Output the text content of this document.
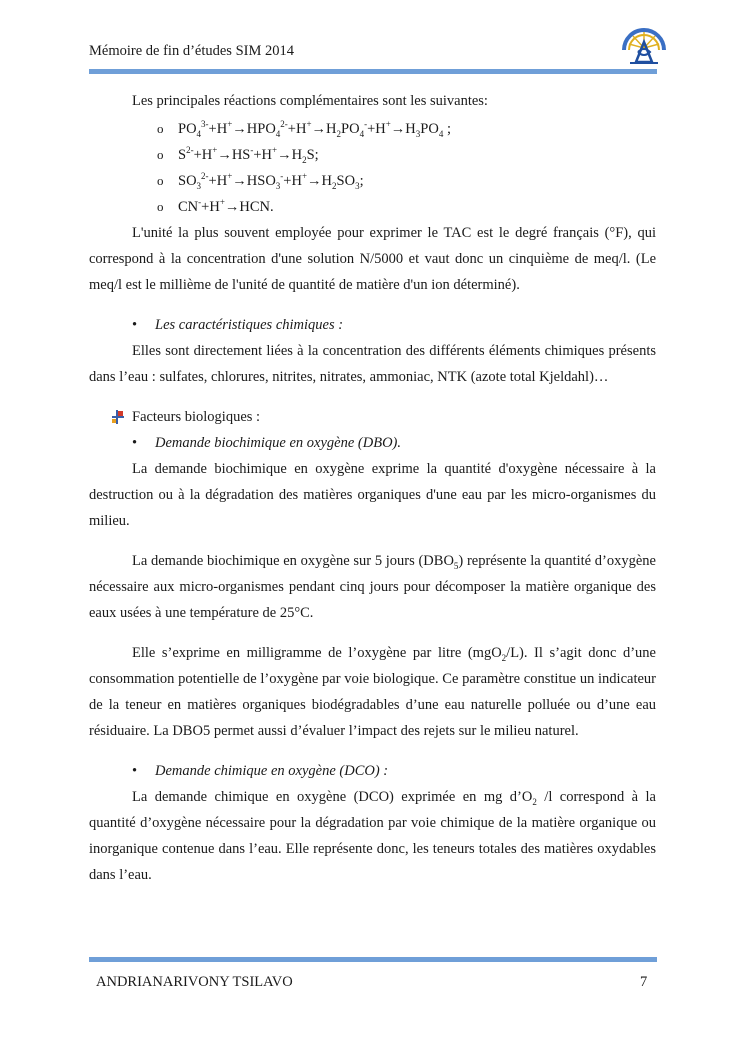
Mémoire de fin d’études SIM 2014

Les principales réactions complémentaires sont les suivantes:

o $PO_4^{3-}+H^+\to HPO_4^{2-}+H^+\to H_2PO_4^-+H^+\to H_3PO_4$ ;
o $S^{2-}+H^+\to HS^-+H^+\to H_2S$;
o $SO_3^{2-}+H^+\to HSO_3^-+H^+\to H_2SO_3$;
o CN-+H+→HCN.

L'unité la plus souvent employée pour exprimer le TAC est le degré français (°F), qui correspond à la concentration d'une solution N/5000 et vaut donc un cinquième de meq/l. (Le meq/l est le millième de l'unité de quantité de matière d'un ion déterminé).

• Les caractéristiques chimiques :

Elles sont directement liées à la concentration des différents éléments chimiques présents dans l’eau : sulfates, chlorures, nitrites, nitrates, ammoniac, NTK (azote total Kjeldahl)…

Facteurs biologiques :

• Demande biochimique en oxygène (DBO).

La demande biochimique en oxygène exprime la quantité d'oxygène nécessaire à la destruction ou à la dégradation des matières organiques d'une eau par les micro-organismes du milieu.

La demande biochimique en oxygène sur 5 jours $(DBO_5)$ représente la quantité d’oxygène nécessaire aux micro-organismes pendant cinq jours pour décomposer la matière organique des eaux usées à une température de 25°C.

Elle s’exprime en milligramme de l’oxygène par litre (mgO$_2$/L). Il s’agit donc d’une consommation potentielle de l’oxygène par voie biologique. Ce paramètre constitue un indicateur de la teneur en matières organiques biodégradables d’une eau naturelle polluée ou d’une eau résiduaire. La DBO5 permet aussi d’évaluer l’impact des rejets sur le milieu naturel.

• Demande chimique en oxygène (DCO) :

La demande chimique en oxygène (DCO) exprimée en mg $d’O_2$ /l correspond à la quantité d’oxygène nécessaire pour la dégradation par voie chimique de la matière organique ou inorganique contenue dans l’eau. Elle représente donc, les teneurs totales des matières oxydables dans l’eau.

ANDRIANARIVONY TSILAVO	7
